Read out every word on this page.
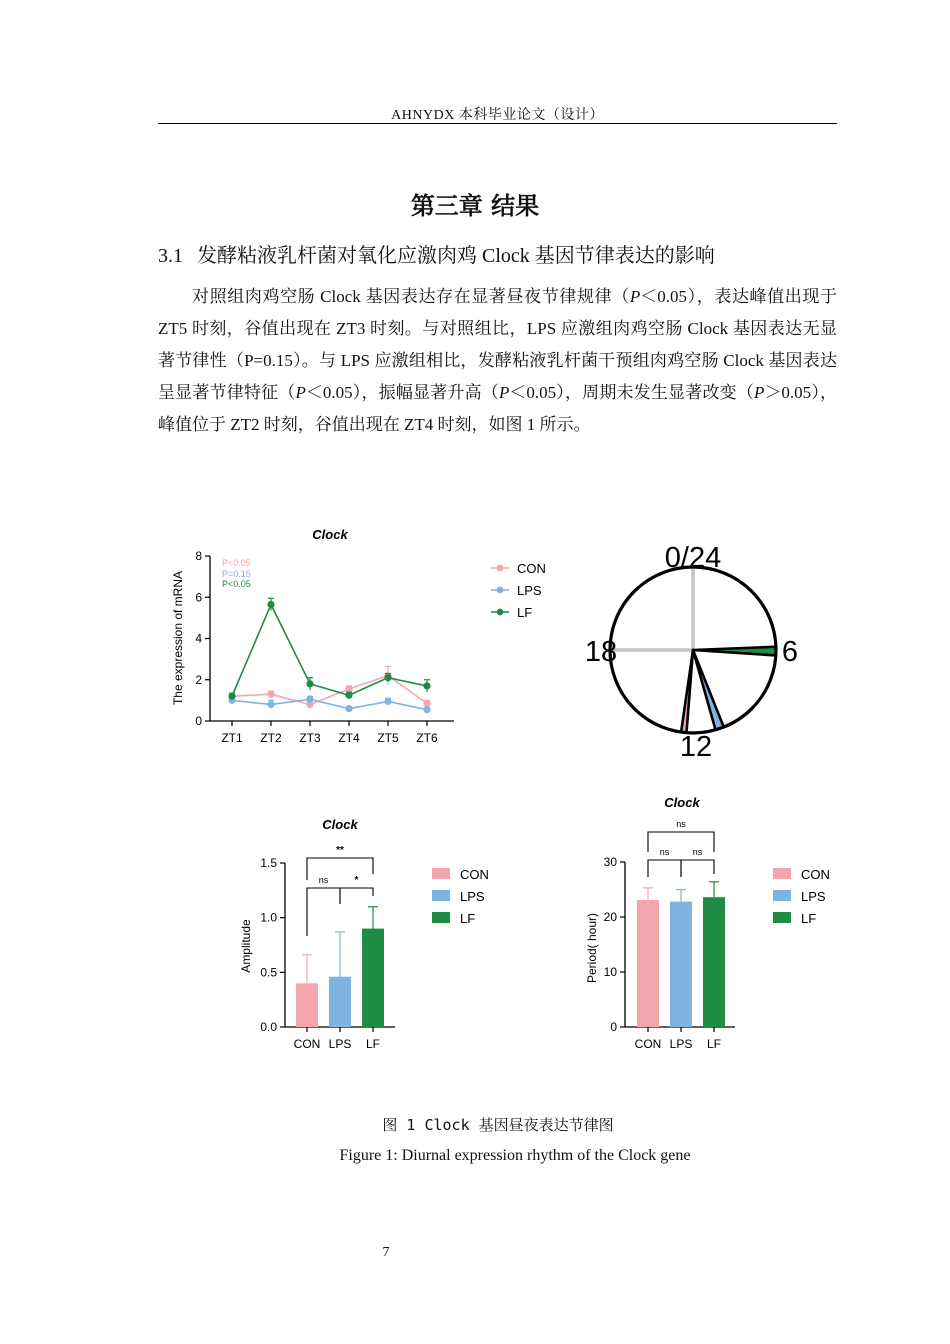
AHNYDX 本科毕业论文（设计）
第三章 结果
3.1 发酵粘液乳杆菌对氧化应激肉鸡 Clock 基因节律表达的影响
对照组肉鸡空肠 Clock 基因表达存在显著昼夜节律规律（P＜0.05），表达峰值出现于 ZT5 时刻，谷值出现在 ZT3 时刻。与对照组比，LPS 应激组肉鸡空肠 Clock 基因表达无显著节律性（P=0.15）。与 LPS 应激组相比，发酵粘液乳杆菌干预组肉鸡空肠 Clock 基因表达呈显著节律特征（P＜0.05），振幅显著升高（P＜0.05），周期未发生显著改变（P＞0.05），峰值位于 ZT2 时刻，谷值出现在 ZT4 时刻，如图 1 所示。
Clock
The expression of mRNA
0
2
4
6
8
ZT1 ZT2 ZT3 ZT4 ZT5 ZT6
P<0.05
P=0.15
P<0.05
CON
LPS
LF
0/24
6
12
18
Clock
Amplitude
0.0
0.5
1.0
1.5
CON LPS LF
**
ns	*	CON
LPS
LF
Clock
Period( hour)
0
10
20
30
CON LPS LF
ns
ns	ns
CON
LPS
LF
图 1 Clock 基因昼夜表达节律图
Figure 1: Diurnal expression rhythm of the Clock gene
7
